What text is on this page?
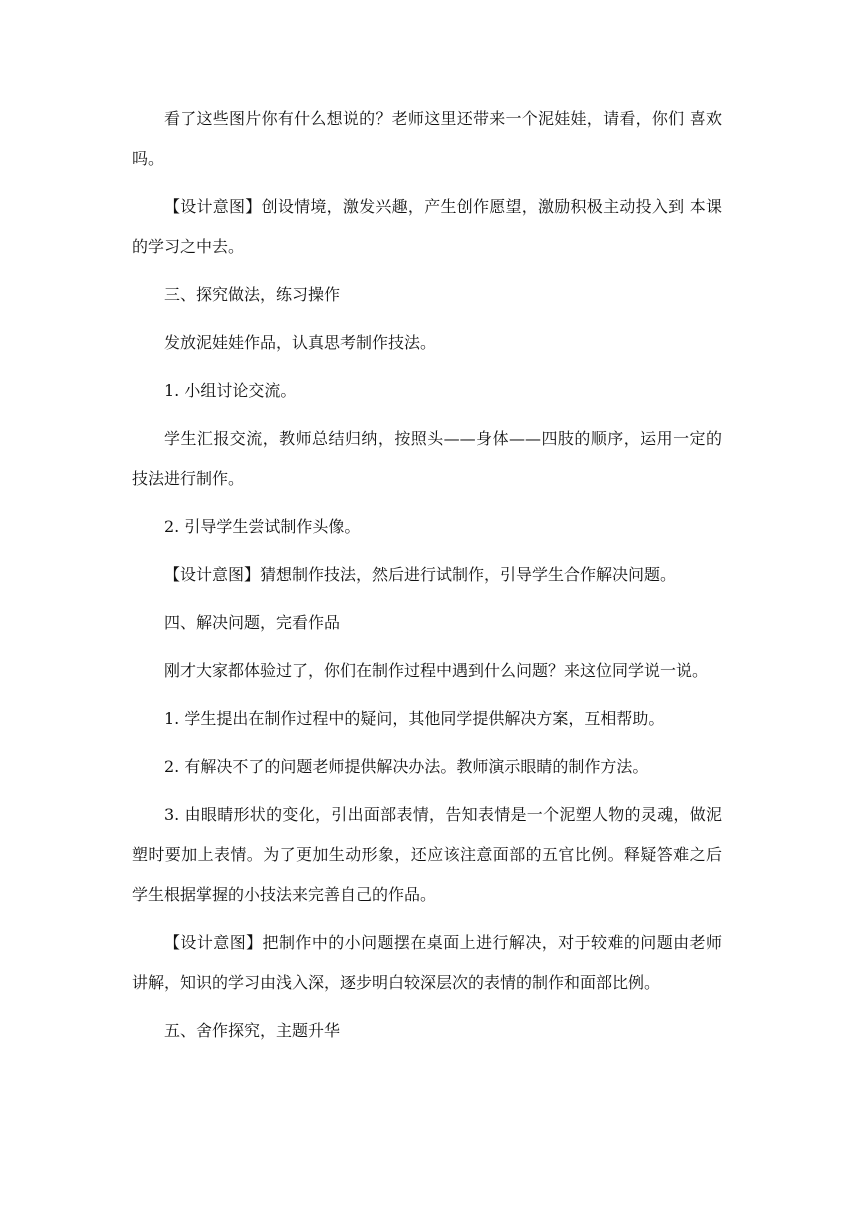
看了这些图片你有什么想说的？老师这里还带来一个泥娃娃，请看，你们 喜欢吗。

【设计意图】创设情境，激发兴趣，产生创作愿望，激励积极主动投入到 本课的学习之中去。

三、探究做法，练习操作

发放泥娃娃作品，认真思考制作技法。

1. 小组讨论交流。

学生汇报交流，教师总结归纳，按照头——身体——四肢的顺序，运用一定的技法进行制作。

2. 引导学生尝试制作头像。

【设计意图】猜想制作技法，然后进行试制作，引导学生合作解决问题。

四、解决问题，完看作品

刚才大家都体验过了，你们在制作过程中遇到什么问题？来这位同学说一说。

1. 学生提出在制作过程中的疑问，其他同学提供解决方案，互相帮助。

2. 有解决不了的问题老师提供解决办法。教师演示眼睛的制作方法。

3. 由眼睛形状的变化，引出面部表情，告知表情是一个泥塑人物的灵魂，做泥塑时要加上表情。为了更加生动形象，还应该注意面部的五官比例。释疑答难之后学生根据掌握的小技法来完善自己的作品。

【设计意图】把制作中的小问题摆在桌面上进行解决，对于较难的问题由老师讲解，知识的学习由浅入深，逐步明白较深层次的表情的制作和面部比例。

五、舍作探究，主题升华
